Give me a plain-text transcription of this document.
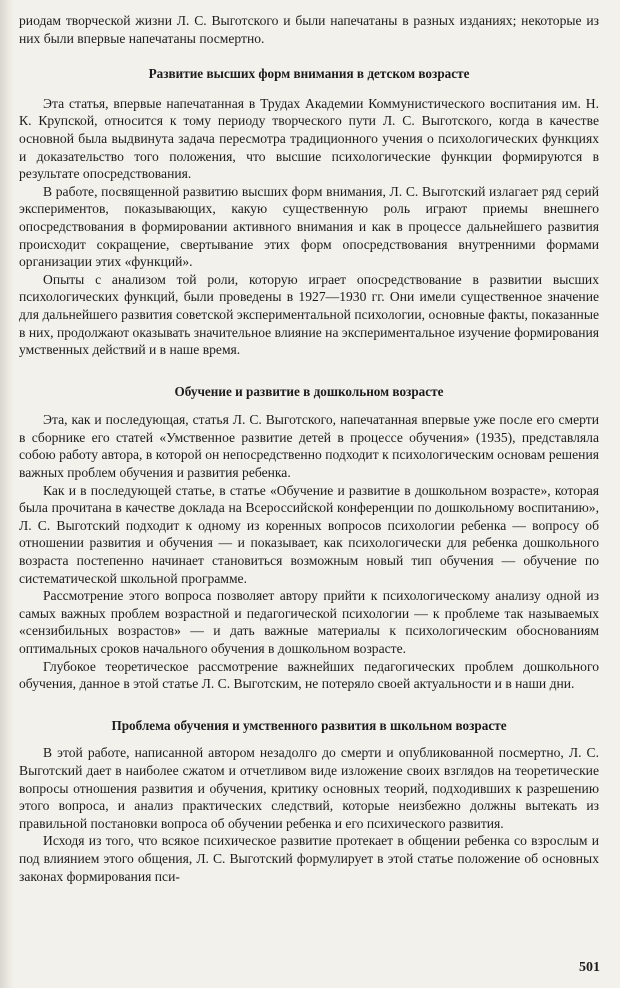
риодам творческой жизни Л. С. Выготского и были напечатаны в разных изданиях; некоторые из них были впервые напечатаны посмертно.

Развитие высших форм внимания в детском возрасте

Эта статья, впервые напечатанная в Трудах Академии Коммунистического воспитания им. Н. К. Крупской, относится к тому периоду творческого пути Л. С. Выготского, когда в качестве основной была выдвинута задача пересмотра традиционного учения о психологических функциях и доказательство того положения, что высшие психологические функции формируются в результате опосредствования.

В работе, посвященной развитию высших форм внимания, Л. С. Выготский излагает ряд серий экспериментов, показывающих, какую существенную роль играют приемы внешнего опосредствования в формировании активного внимания и как в процессе дальнейшего развития происходит сокращение, свертывание этих форм опосредствования внутренними формами организации этих «функций».

Опыты с анализом той роли, которую играет опосредствование в развитии высших психологических функций, были проведены в 1927—1930 гг. Они имели существенное значение для дальнейшего развития советской экспериментальной психологии, основные факты, показанные в них, продолжают оказывать значительное влияние на экспериментальное изучение формирования умственных действий и в наше время.

Обучение и развитие в дошкольном возрасте

Эта, как и последующая, статья Л. С. Выготского, напечатанная впервые уже после его смерти в сборнике его статей «Умственное развитие детей в процессе обучения» (1935), представляла собою работу автора, в которой он непосредственно подходит к психологическим основам решения важных проблем обучения и развития ребенка.

Как и в последующей статье, в статье «Обучение и развитие в дошкольном возрасте», которая была прочитана в качестве доклада на Всероссийской конференции по дошкольному воспитанию», Л. С. Выготский подходит к одному из коренных вопросов психологии ребенка — вопросу об отношении развития и обучения — и показывает, как психологически для ребенка дошкольного возраста постепенно начинает становиться возможным новый тип обучения — обучение по систематической школьной программе.

Рассмотрение этого вопроса позволяет автору прийти к психологическому анализу одной из самых важных проблем возрастной и педагогической психологии — к проблеме так называемых «сензибильных возрастов» — и дать важные материалы к психологическим обоснованиям оптимальных сроков начального обучения в дошкольном возрасте.

Глубокое теоретическое рассмотрение важнейших педагогических проблем дошкольного обучения, данное в этой статье Л. С. Выготским, не потеряло своей актуальности и в наши дни.

Проблема обучения и умственного развития в школьном возрасте

В этой работе, написанной автором незадолго до смерти и опубликованной посмертно, Л. С. Выготский дает в наиболее сжатом и отчетливом виде изложение своих взглядов на теоретические вопросы отношения развития и обучения, критику основных теорий, подходивших к разрешению этого вопроса, и анализ практических следствий, которые неизбежно должны вытекать из правильной постановки вопроса об обучении ребенка и его психического развития.

Исходя из того, что всякое психическое развитие протекает в общении ребенка со взрослым и под влиянием этого общения, Л. С. Выготский формулирует в этой статье положение об основных законах формирования пси-

501
